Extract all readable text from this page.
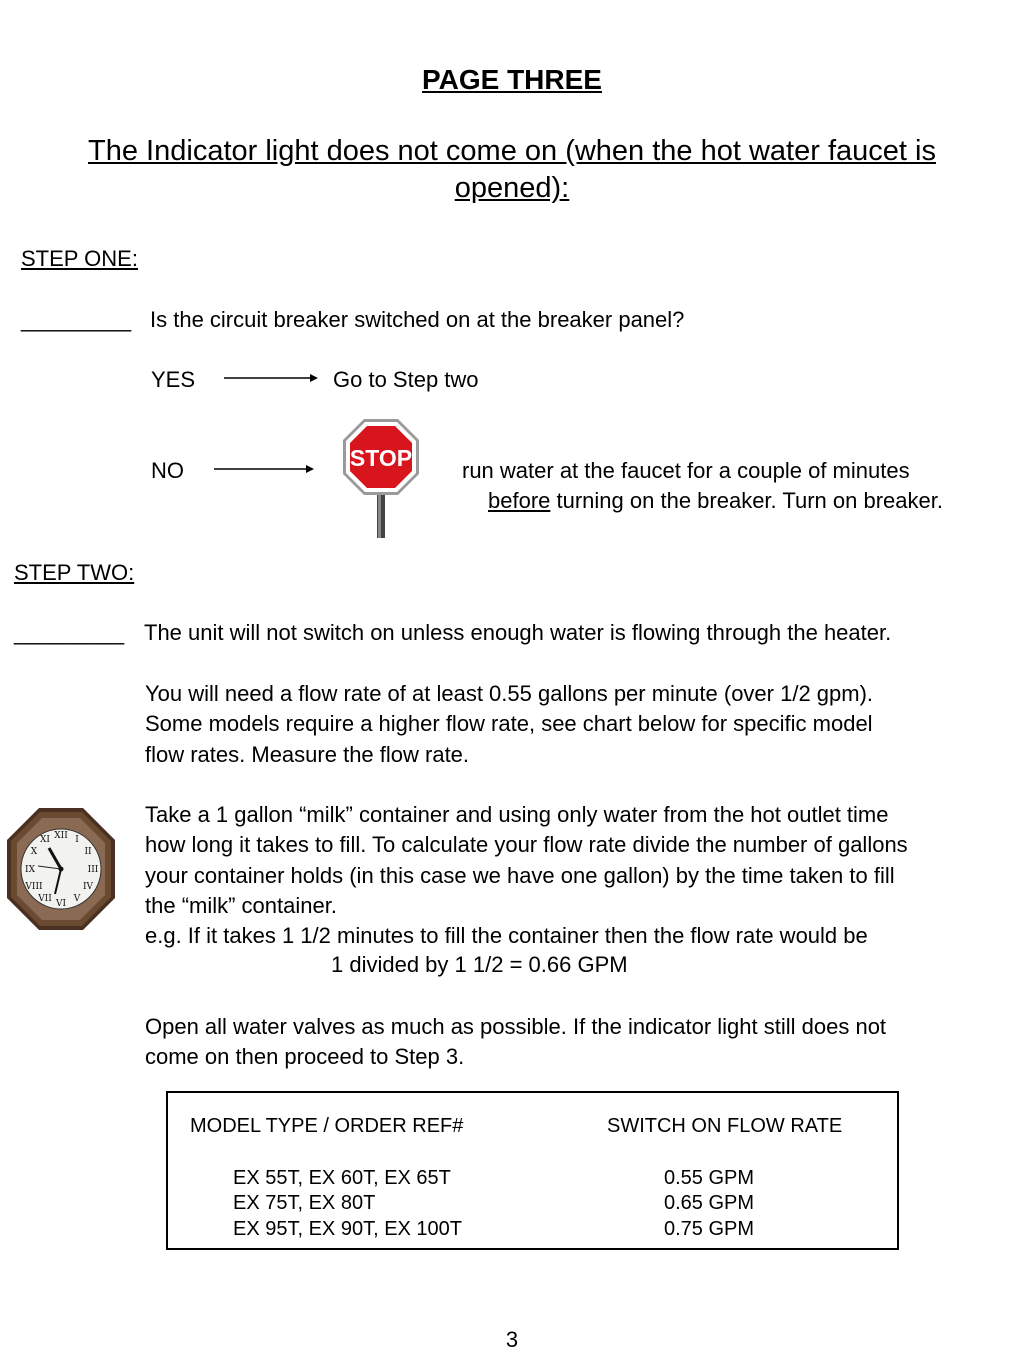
PAGE THREE
The Indicator light does not come on (when the hot water faucet is
opened):
STEP ONE:
_________ Is the circuit breaker switched on at the breaker panel?
YES	Go to Step two
NO	STOP run water at the faucet for a couple of minutes
before turning on the breaker. Turn on breaker.
STEP TWO:
_________ The unit will not switch on unless enough water is flowing through the heater.
You will need a flow rate of at least 0.55 gallons per minute (over 1/2 gpm).
Some models require a higher flow rate, see chart below for specific model
flow rates. Measure the flow rate.
XII I
II
III
IV
V
VI
VII
VIII
IX
X
XI
Take a 1 gallon “milk” container and using only water from the hot outlet time
how long it takes to fill. To calculate your flow rate divide the number of gallons
your container holds (in this case we have one gallon) by the time taken to fill
the “milk” container.
e.g. If it takes 1 1/2 minutes to fill the container then the flow rate would be
1 divided by 1 1/2 = 0.66 GPM
Open all water valves as much as possible. If the indicator light still does not
come on then proceed to Step 3.
MODEL TYPE / ORDER REF#	SWITCH ON FLOW RATE
EX 55T, EX 60T, EX 65T	0.55 GPM
EX 75T, EX 80T	0.65 GPM
EX 95T, EX 90T, EX 100T	0.75 GPM
3
